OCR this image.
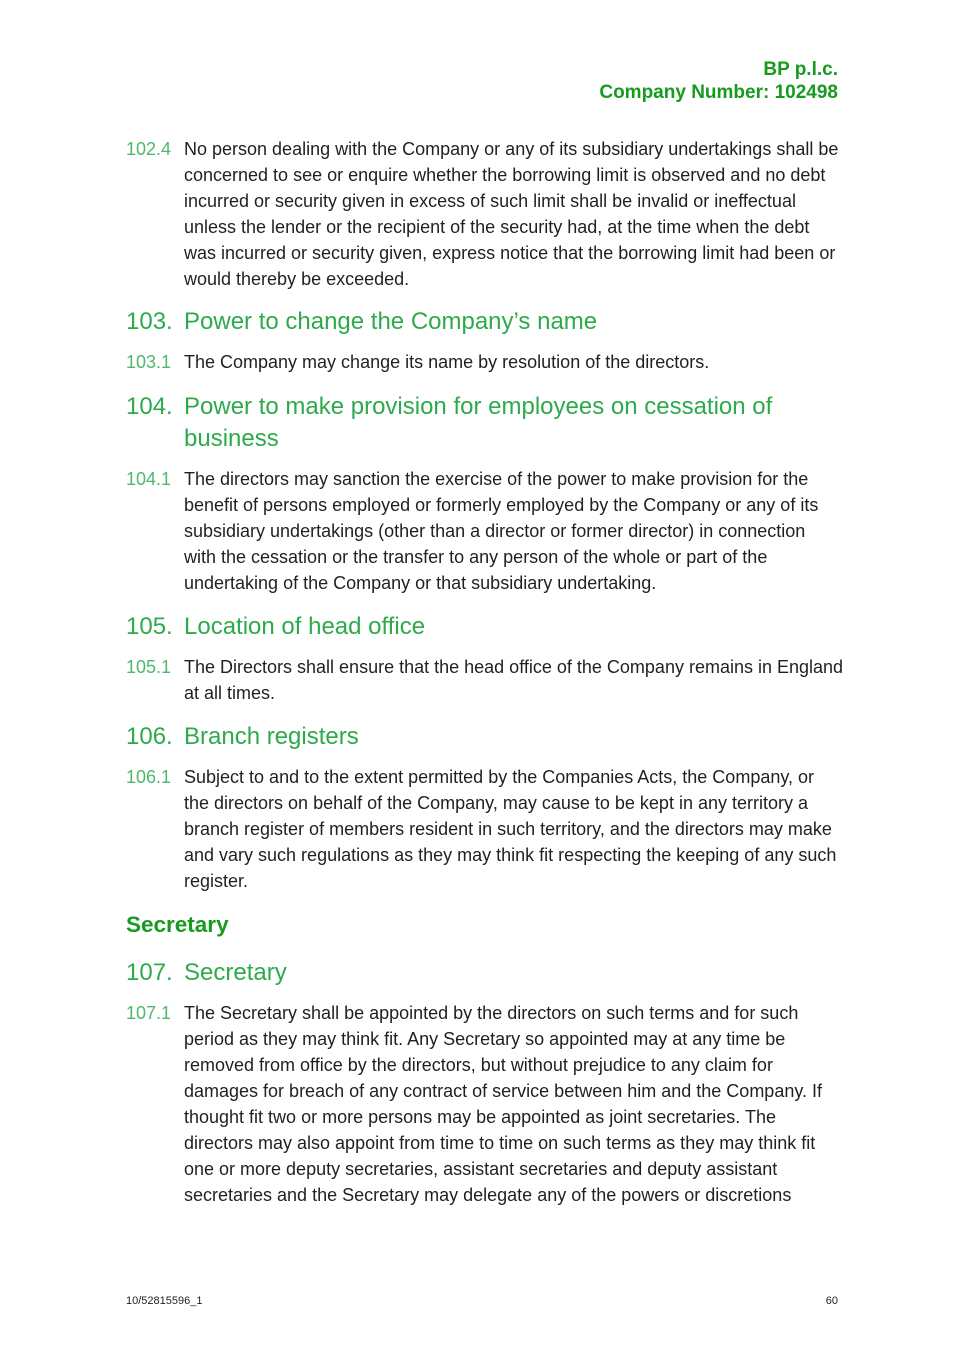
BP p.l.c.
Company Number: 102498
102.4 No person dealing with the Company or any of its subsidiary undertakings shall be
concerned to see or enquire whether the borrowing limit is observed and no debt
incurred or security given in excess of such limit shall be invalid or ineffectual
unless the lender or the recipient of the security had, at the time when the debt
was incurred or security given, express notice that the borrowing limit had been or
would thereby be exceeded.
103. Power to change the Company’s name
103.1 The Company may change its name by resolution of the directors.
104. Power to make provision for employees on cessation of
business
104.1 The directors may sanction the exercise of the power to make provision for the
benefit of persons employed or formerly employed by the Company or any of its
subsidiary undertakings (other than a director or former director) in connection
with the cessation or the transfer to any person of the whole or part of the
undertaking of the Company or that subsidiary undertaking.
105. Location of head office
105.1 The Directors shall ensure that the head office of the Company remains in England
at all times.
106. Branch registers
106.1 Subject to and to the extent permitted by the Companies Acts, the Company, or
the directors on behalf of the Company, may cause to be kept in any territory a
branch register of members resident in such territory, and the directors may make
and vary such regulations as they may think fit respecting the keeping of any such
register.
Secretary
107. Secretary
107.1 The Secretary shall be appointed by the directors on such terms and for such
period as they may think fit. Any Secretary so appointed may at any time be
removed from office by the directors, but without prejudice to any claim for
damages for breach of any contract of service between him and the Company. If
thought fit two or more persons may be appointed as joint secretaries. The
directors may also appoint from time to time on such terms as they may think fit
one or more deputy secretaries, assistant secretaries and deputy assistant
secretaries and the Secretary may delegate any of the powers or discretions
10/52815596_1	60
